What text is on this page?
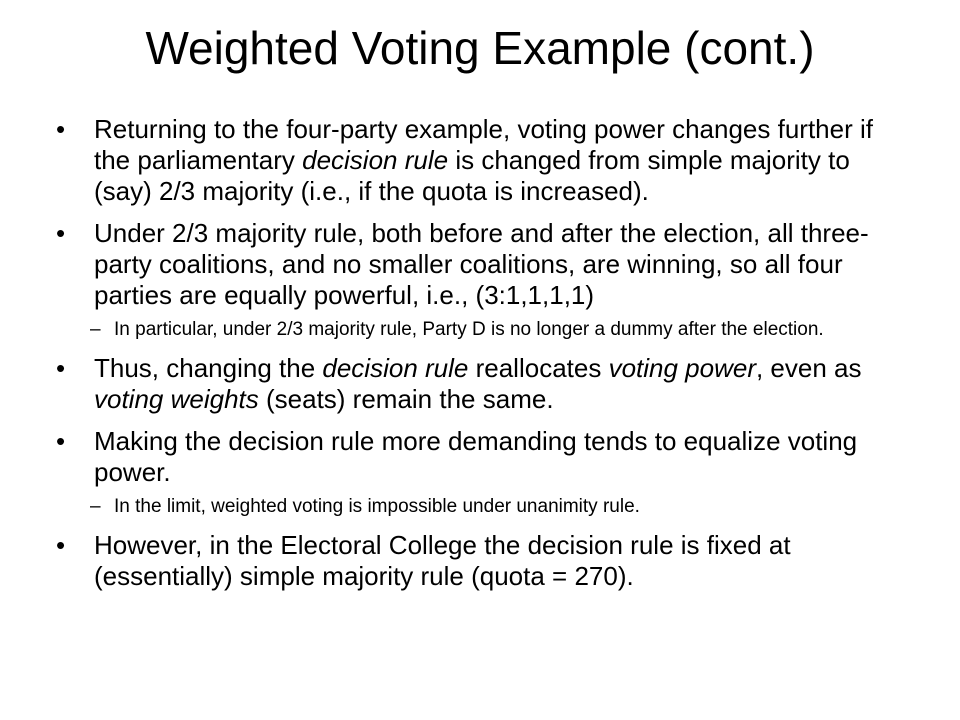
Weighted Voting Example (cont.)
• Returning to the four-party example, voting power changes further if the parliamentary decision rule is changed from simple majority to (say) 2/3 majority (i.e., if the quota is increased).
• Under 2/3 majority rule, both before and after the election, all three-party coalitions, and no smaller coalitions, are winning, so all four parties are equally powerful, i.e., (3:1,1,1,1)
– In particular, under 2/3 majority rule, Party D is no longer a dummy after the election.
• Thus, changing the decision rule reallocates voting power, even as voting weights (seats) remain the same.
• Making the decision rule more demanding tends to equalize voting power.
– In the limit, weighted voting is impossible under unanimity rule.
• However, in the Electoral College the decision rule is fixed at (essentially) simple majority rule (quota = 270).
